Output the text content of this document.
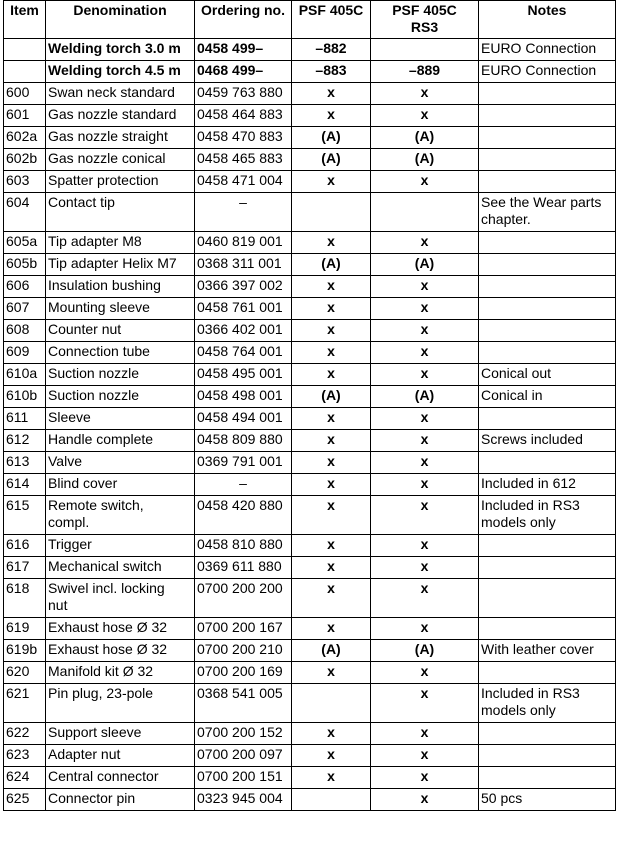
Item	Denomination	Ordering no.	PSF 405C	PSF 405C
RS3	Notes
	Welding torch 3.0 m	0458 499–	–882		EURO Connection
	Welding torch 4.5 m	0468 499–	–883	–889	EURO Connection
600	Swan neck standard	0459 763 880	x	x	
601	Gas nozzle standard	0458 464 883	x	x	
602a	Gas nozzle straight	0458 470 883	(A)	(A)	
602b	Gas nozzle conical	0458 465 883	(A)	(A)	
603	Spatter protection	0458 471 004	x	x	
604	Contact tip	–			See the Wear parts
chapter.
605a	Tip adapter M8	0460 819 001	x	x	
605b	Tip adapter Helix M7	0368 311 001	(A)	(A)	
606	Insulation bushing	0366 397 002	x	x	
607	Mounting sleeve	0458 761 001	x	x	
608	Counter nut	0366 402 001	x	x	
609	Connection tube	0458 764 001	x	x	
610a	Suction nozzle	0458 495 001	x	x	Conical out
610b	Suction nozzle	0458 498 001	(A)	(A)	Conical in
611	Sleeve	0458 494 001	x	x	
612	Handle complete	0458 809 880	x	x	Screws included
613	Valve	0369 791 001	x	x	
614	Blind cover	–	x	x	Included in 612
615	Remote switch,
compl.	0458 420 880	x	x	Included in RS3
models only
616	Trigger	0458 810 880	x	x	
617	Mechanical switch	0369 611 880	x	x	
618	Swivel incl. locking
nut	0700 200 200	x	x	
619	Exhaust hose Ø 32	0700 200 167	x	x	
619b	Exhaust hose Ø 32	0700 200 210	(A)	(A)	With leather cover
620	Manifold kit Ø 32	0700 200 169	x	x	
621	Pin plug, 23-pole	0368 541 005		x	Included in RS3
models only
622	Support sleeve	0700 200 152	x	x	
623	Adapter nut	0700 200 097	x	x	
624	Central connector	0700 200 151	x	x	
625	Connector pin	0323 945 004		x	50 pcs
